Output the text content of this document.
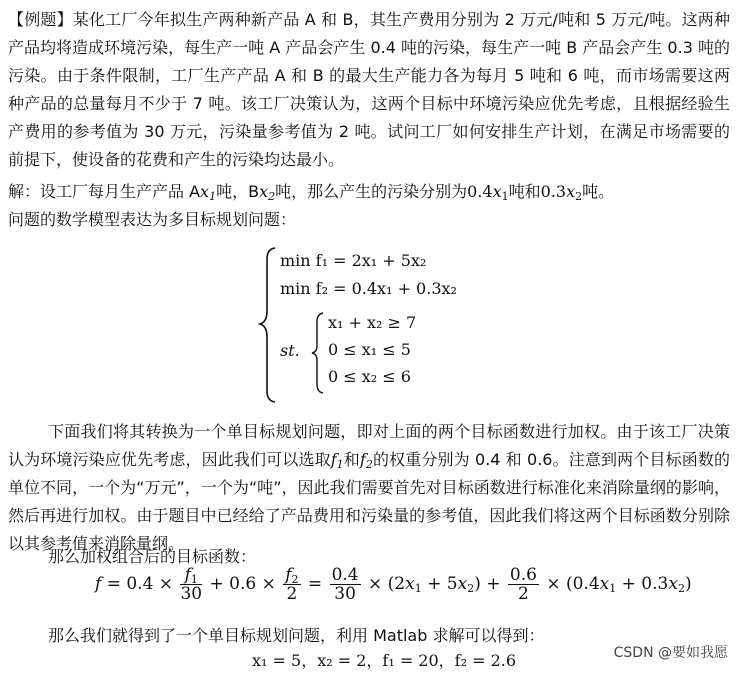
【例题】某化工厂今年拟生产两种新产品 A 和 B，其生产费用分别为 2 万元/吨和 5 万元/吨。这两种产品均将造成环境污染，每生产一吨 A 产品会产生 0.4 吨的污染，每生产一吨 B 产品会产生 0.3 吨的污染。由于条件限制，工厂生产产品 A 和 B 的最大生产能力各为每月 5 吨和 6 吨，而市场需要这两种产品的总量每月不少于 7 吨。该工厂决策认为，这两个目标中环境污染应优先考虑，且根据经验生产费用的参考值为 30 万元，污染量参考值为 2 吨。试问工厂如何安排生产计划，在满足市场需要的前提下，使设备的花费和产生的污染均达最小。
解：设工厂每月生产产品 $Ax_1$吨，$Bx_2$吨，那么产生的污染分别为$0.4x_1$吨和$0.3x_2$吨。
问题的数学模型表达为多目标规划问题：
min f₁ = 2x₁ + 5x₂
min f₂ = 0.4x₁ + 0.3x₂
st.
x₁ + x₂ ≥ 7
0 ≤ x₁ ≤ 5
0 ≤ x₂ ≤ 6
下面我们将其转换为一个单目标规划问题，即对上面的两个目标函数进行加权。由于该工厂决策认为环境污染应优先考虑，因此我们可以选取$f_1$和$f_2$的权重分别为 0.4 和 0.6。注意到两个目标函数的单位不同，一个为“万元”，一个为“吨”，因此我们需要首先对目标函数进行标准化来消除量纲的影响，然后再进行加权。由于题目中已经给了产品费用和污染量的参考值，因此我们将这两个目标函数分别除以其参考值来消除量纲。
那么加权组合后的目标函数：
$f = 0.4 \times \frac{f_1}{30} + 0.6 \times \frac{f_2}{2} = \frac{0.4}{30} \times (2x_1 + 5x_2) + \frac{0.6}{2} \times (0.4x_1 + 0.3x_2)$
那么我们就得到了一个单目标规划问题，利用 Matlab 求解可以得到：
x₁ = 5，x₂ = 2，f₁ = 20，f₂ = 2.6	CSDN @要如我愿
